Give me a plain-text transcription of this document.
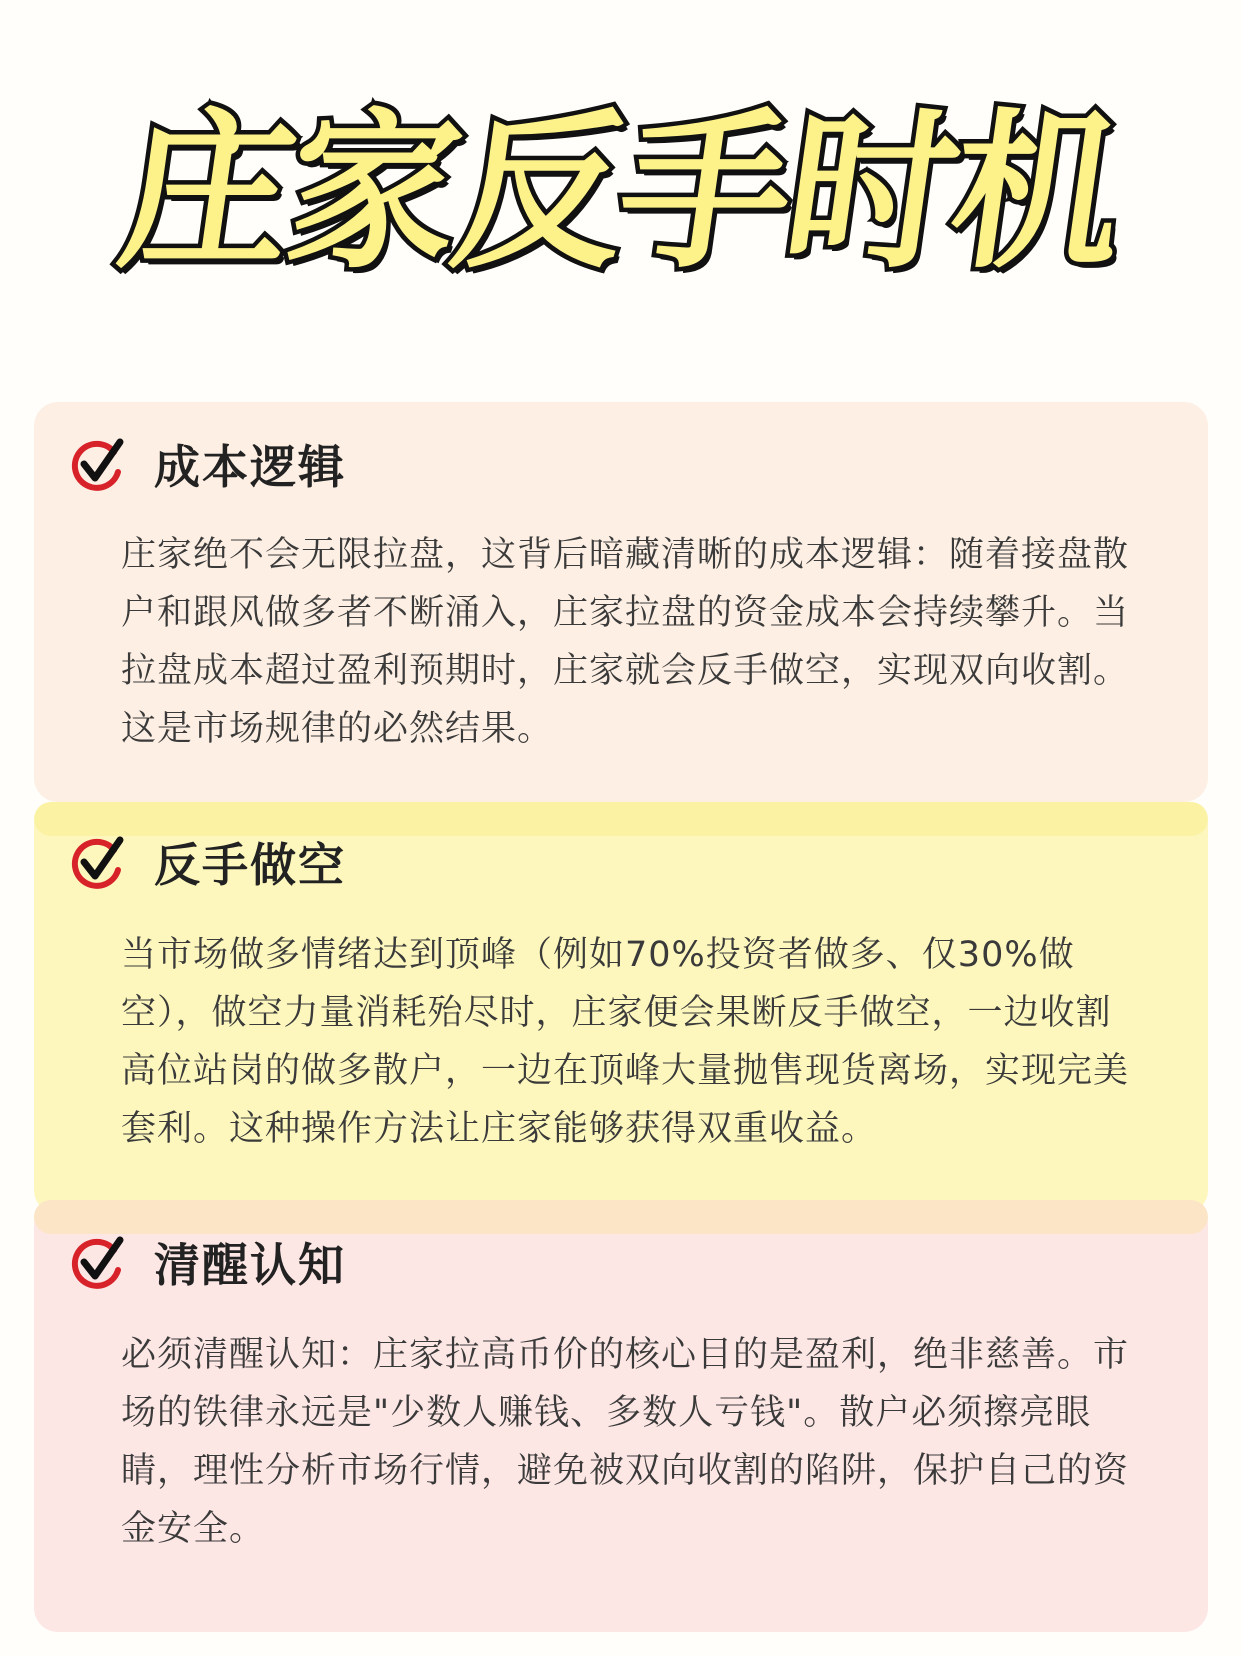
庄家反手时机
成本逻辑
庄家绝不会无限拉盘，这背后暗藏清晰的成本逻辑：随着接盘散户和跟风做多者不断涌入，庄家拉盘的资金成本会持续攀升。当拉盘成本超过盈利预期时，庄家就会反手做空，实现双向收割。这是市场规律的必然结果。
反手做空
当市场做多情绪达到顶峰（例如70%投资者做多、仅30%做空），做空力量消耗殆尽时，庄家便会果断反手做空，一边收割高位站岗的做多散户，一边在顶峰大量抛售现货离场，实现完美套利。这种操作方法让庄家能够获得双重收益。
清醒认知
必须清醒认知：庄家拉高币价的核心目的是盈利，绝非慈善。市场的铁律永远是"少数人赚钱、多数人亏钱"。散户必须擦亮眼睛，理性分析市场行情，避免被双向收割的陷阱，保护自己的资金安全。
